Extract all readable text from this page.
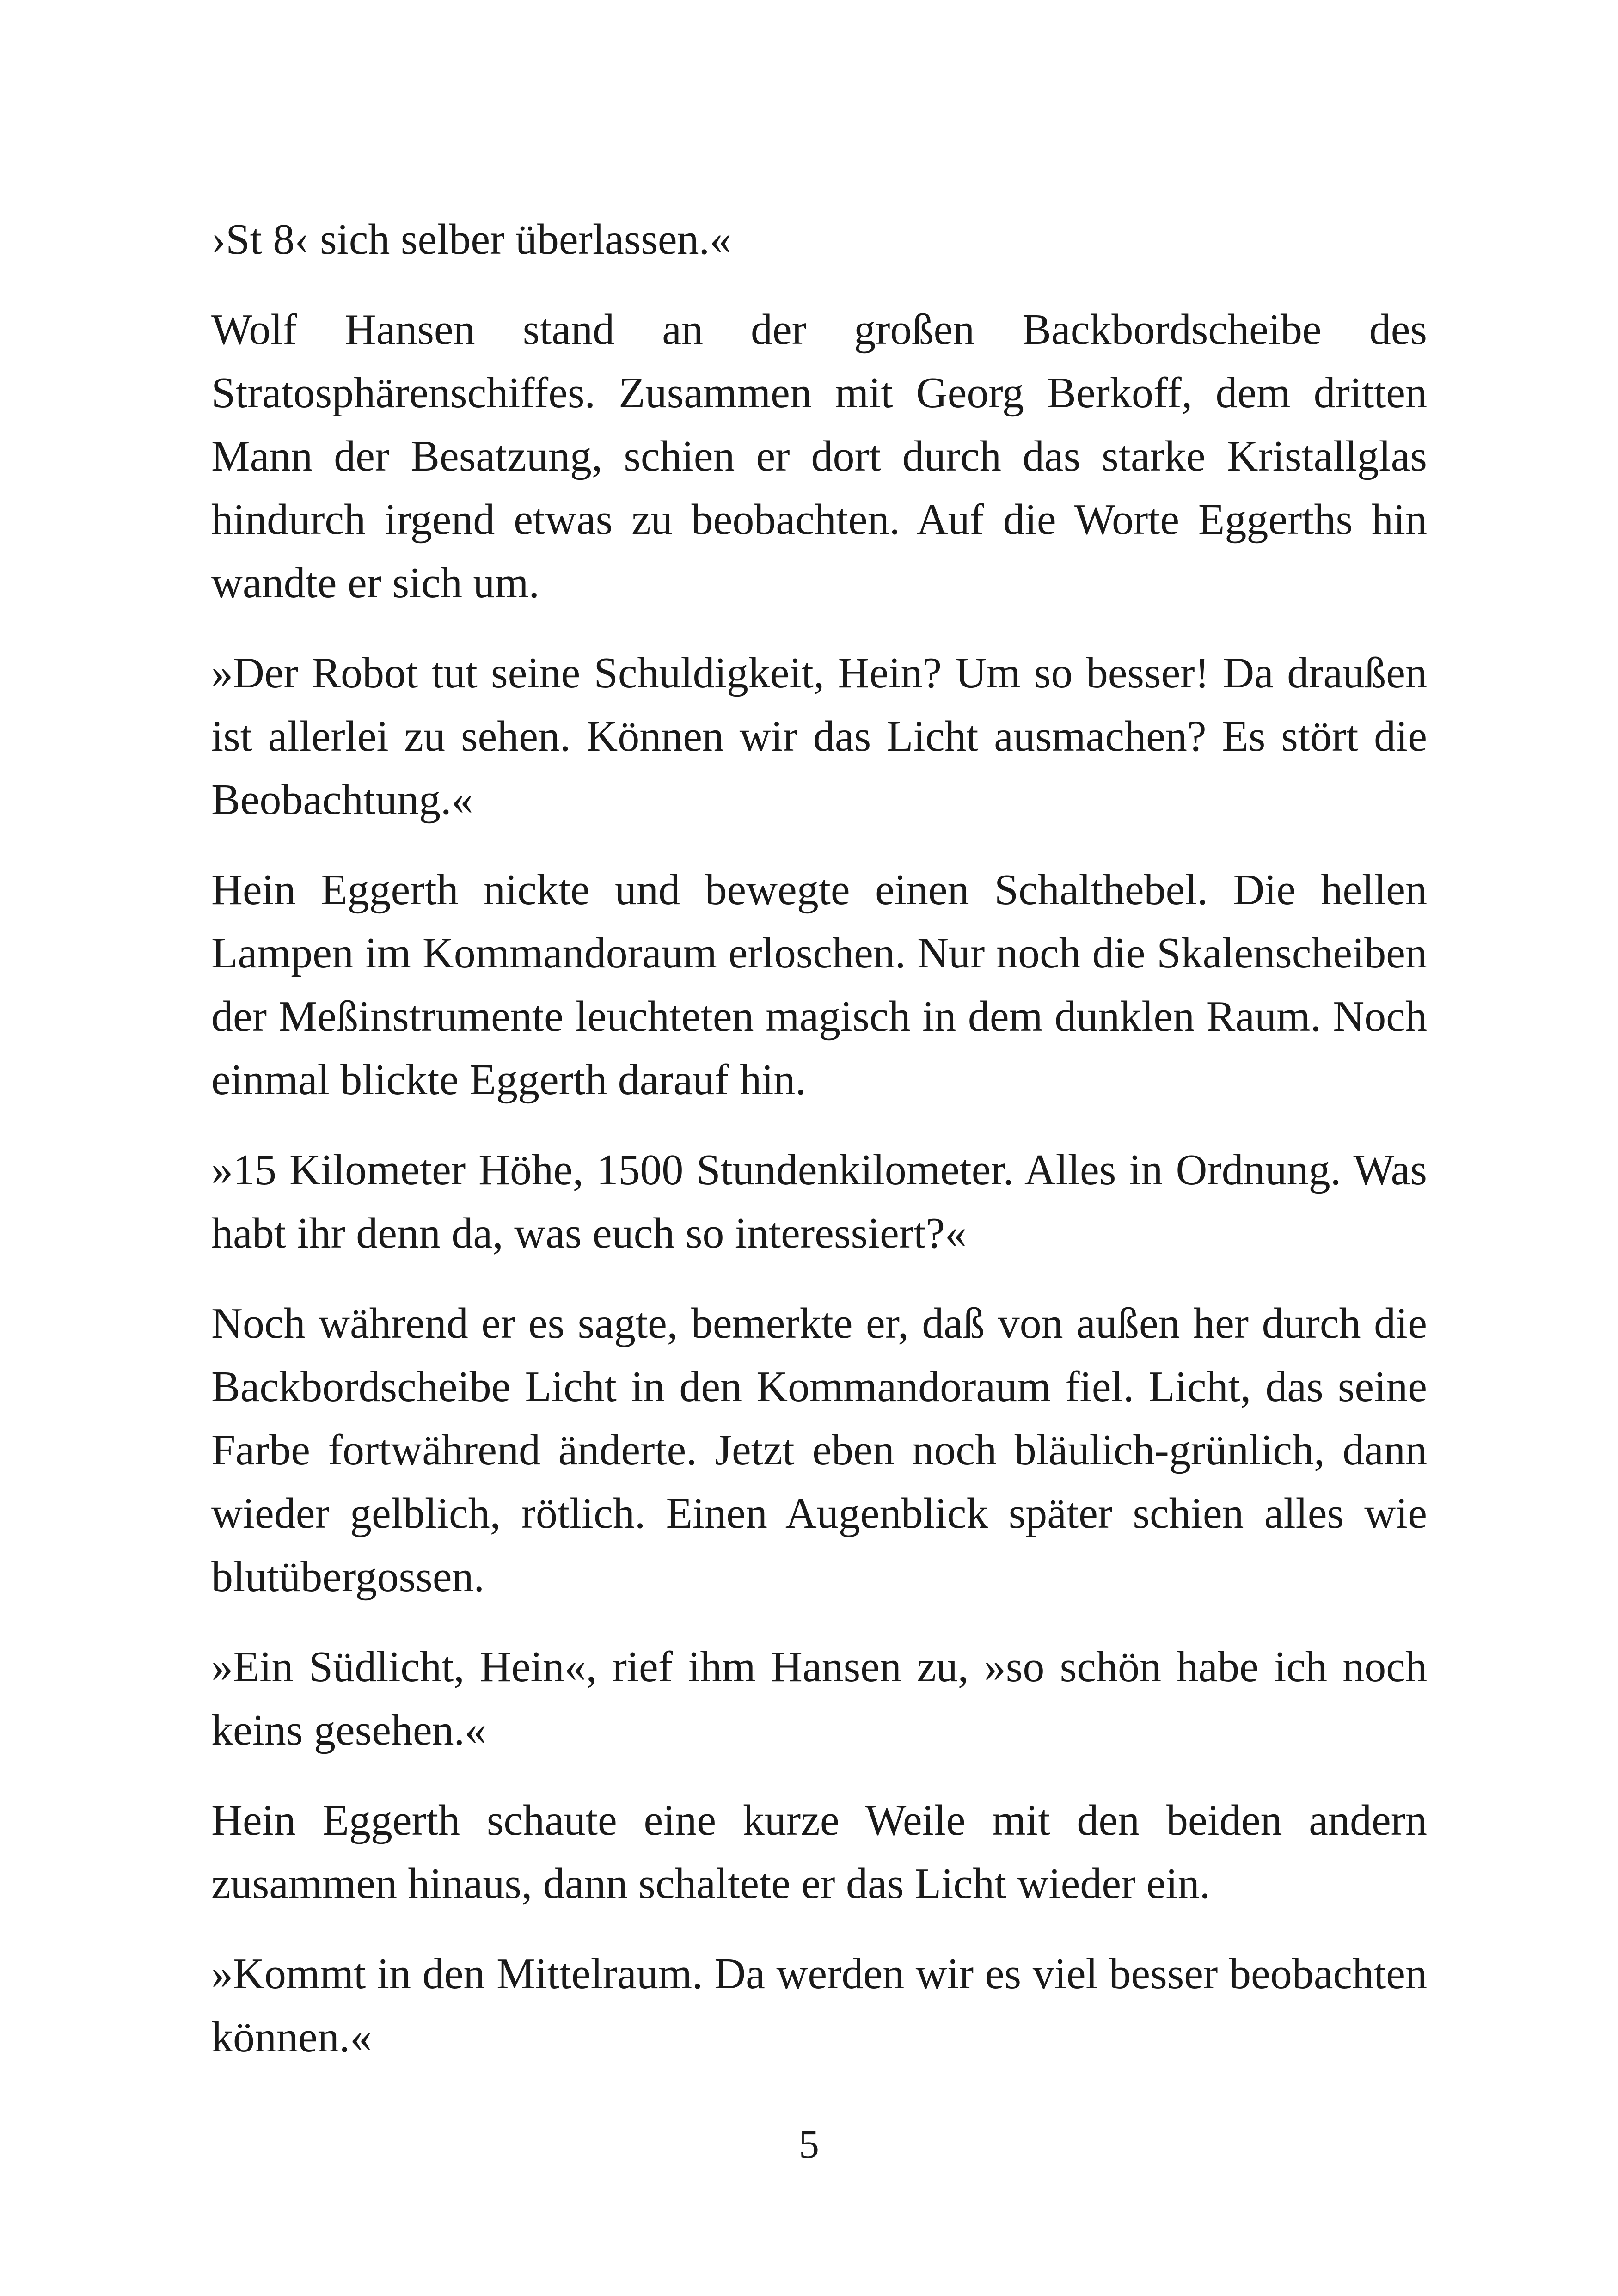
›St 8‹ sich selber überlassen.«

Wolf Hansen stand an der großen Backbordscheibe des Stratosphärenschiffes. Zusammen mit Georg Berkoff, dem dritten Mann der Besatzung, schien er dort durch das starke Kristallglas hindurch irgend etwas zu beobachten. Auf die Worte Eggerths hin wandte er sich um.

»Der Robot tut seine Schuldigkeit, Hein? Um so besser! Da draußen ist allerlei zu sehen. Können wir das Licht ausmachen? Es stört die Beobachtung.«

Hein Eggerth nickte und bewegte einen Schalthebel. Die hellen Lampen im Kommandoraum erloschen. Nur noch die Skalenscheiben der Meßinstrumente leuchteten magisch in dem dunklen Raum. Noch einmal blickte Eggerth darauf hin.

»15 Kilometer Höhe, 1500 Stundenkilometer. Alles in Ordnung. Was habt ihr denn da, was euch so interessiert?«

Noch während er es sagte, bemerkte er, daß von außen her durch die Backbordscheibe Licht in den Kommandoraum fiel. Licht, das seine Farbe fortwährend änderte. Jetzt eben noch bläulich-grünlich, dann wieder gelblich, rötlich. Einen Augenblick später schien alles wie blutübergossen.

»Ein Südlicht, Hein«, rief ihm Hansen zu, »so schön habe ich noch keins gesehen.«

Hein Eggerth schaute eine kurze Weile mit den beiden andern zusammen hinaus, dann schaltete er das Licht wieder ein.

»Kommt in den Mittelraum. Da werden wir es viel besser beobachten können.«

5
